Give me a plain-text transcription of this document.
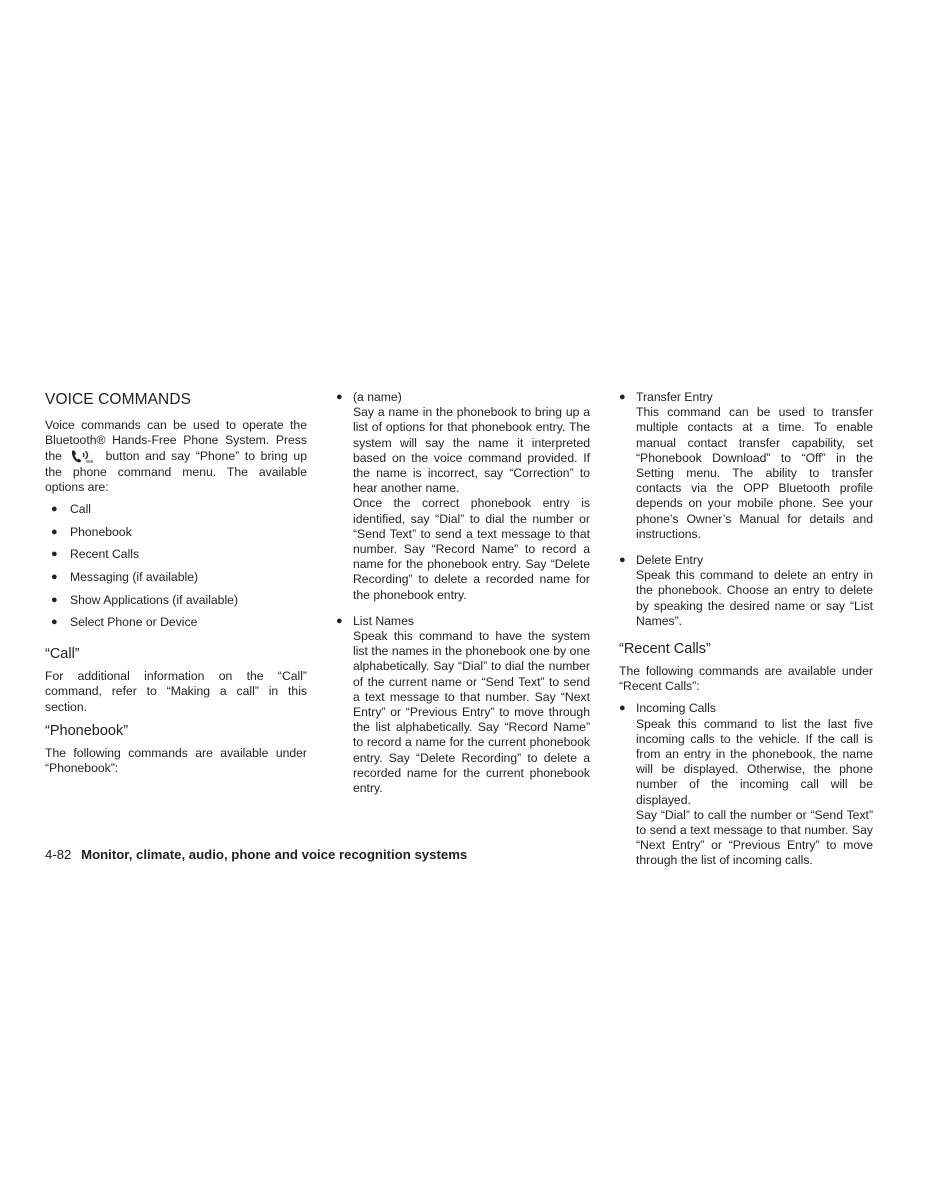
VOICE COMMANDS

Voice commands can be used to operate the Bluetooth® Hands-Free Phone System. Press the	wa button and say “Phone” to bring up the phone command menu. The available options are:

● Call
● Phonebook
● Recent Calls
● Messaging (if available)
● Show Applications (if available)
● Select Phone or Device
“Call”

For additional information on the “Call” command, refer to “Making a call” in this section.

“Phonebook”

The following commands are available under “Phonebook”:

● (a name)

Say a name in the phonebook to bring up a list of options for that phonebook entry. The system will say the name it interpreted based on the voice command provided. If the name is incorrect, say “Correction” to hear another name.

Once the correct phonebook entry is identified, say “Dial” to dial the number or “Send Text” to send a text message to that number. Say “Record Name” to record a name for the phonebook entry. Say “Delete Recording” to delete a recorded name for the phonebook entry.

● List Names

Speak this command to have the system list the names in the phonebook one by one alphabetically. Say “Dial” to dial the number of the current name or “Send Text” to send a text message to that number. Say “Next Entry” or “Previous Entry” to move through the list alphabetically. Say “Record Name” to record a name for the current phonebook entry. Say “Delete Recording” to delete a recorded name for the current phonebook entry.

● Transfer Entry

This command can be used to transfer multiple contacts at a time. To enable manual contact transfer capability, set “Phonebook Download” to “Off” in the Setting menu. The ability to transfer contacts via the OPP Bluetooth profile depends on your mobile phone. See your phone’s Owner’s Manual for details and instructions.

● Delete Entry

Speak this command to delete an entry in the phonebook. Choose an entry to delete by speaking the desired name or say “List Names”.

“Recent Calls”

The following commands are available under “Recent Calls”:

● Incoming Calls

Speak this command to list the last five incoming calls to the vehicle. If the call is from an entry in the phonebook, the name will be displayed. Otherwise, the phone number of the incoming call will be displayed.

Say “Dial” to call the number or “Send Text” to send a text message to that number. Say “Next Entry” or “Previous Entry” to move through the list of incoming calls.

4-82 Monitor, climate, audio, phone and voice recognition systems
